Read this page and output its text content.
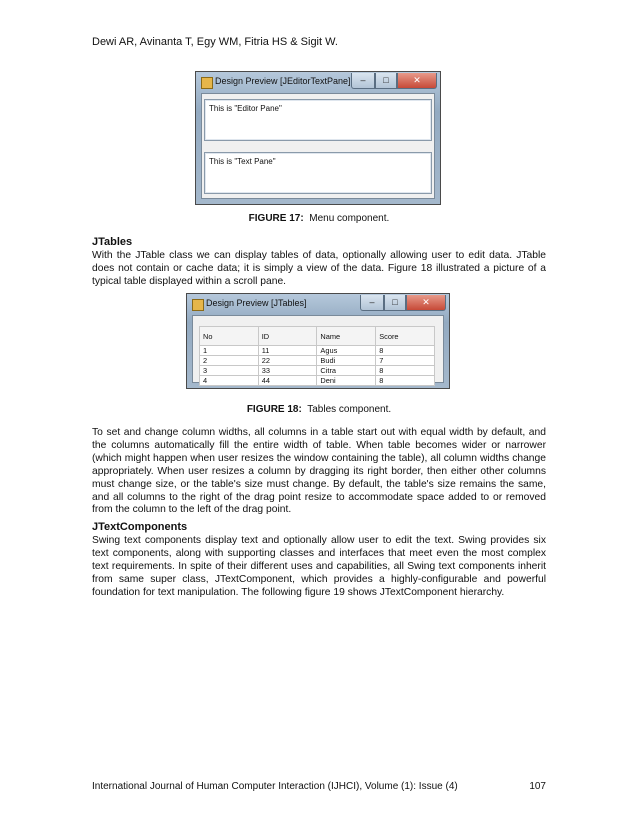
Dewi AR, Avinanta T, Egy WM, Fitria HS & Sigit W.
Design Preview [JEditorTextPane]	–	□	✕
This is "Editor Pane"
This is "Text Pane"
FIGURE 17: Menu component.
JTables

With the JTable class we can display tables of data, optionally allowing user to edit data. JTable does not contain or cache data; it is simply a view of the data. Figure 18 illustrated a picture of a typical table displayed within a scroll pane.

Design Preview [JTables]	–	□	✕
No	ID	Name	Score
1	11	Agus	8
2	22	Budi	7
3	33	Citra	8
4	44	Deni	8
FIGURE 18: Tables component.

To set and change column widths, all columns in a table start out with equal width by default, and the columns automatically fill the entire width of table. When table becomes wider or narrower (which might happen when user resizes the window containing the table), all column widths change appropriately. When user resizes a column by dragging its right border, then either other columns must change size, or the table's size must change. By default, the table's size remains the same, and all columns to the right of the drag point resize to accommodate space added to or removed from the column to the left of the drag point.

JTextComponents

Swing text components display text and optionally allow user to edit the text. Swing provides six text components, along with supporting classes and interfaces that meet even the most complex text requirements. In spite of their different uses and capabilities, all Swing text components inherit from same super class, JTextComponent, which provides a highly-configurable and powerful foundation for text manipulation. The following figure 19 shows JTextComponent hierarchy.

International Journal of Human Computer Interaction (IJHCI), Volume (1): Issue (4)	107
